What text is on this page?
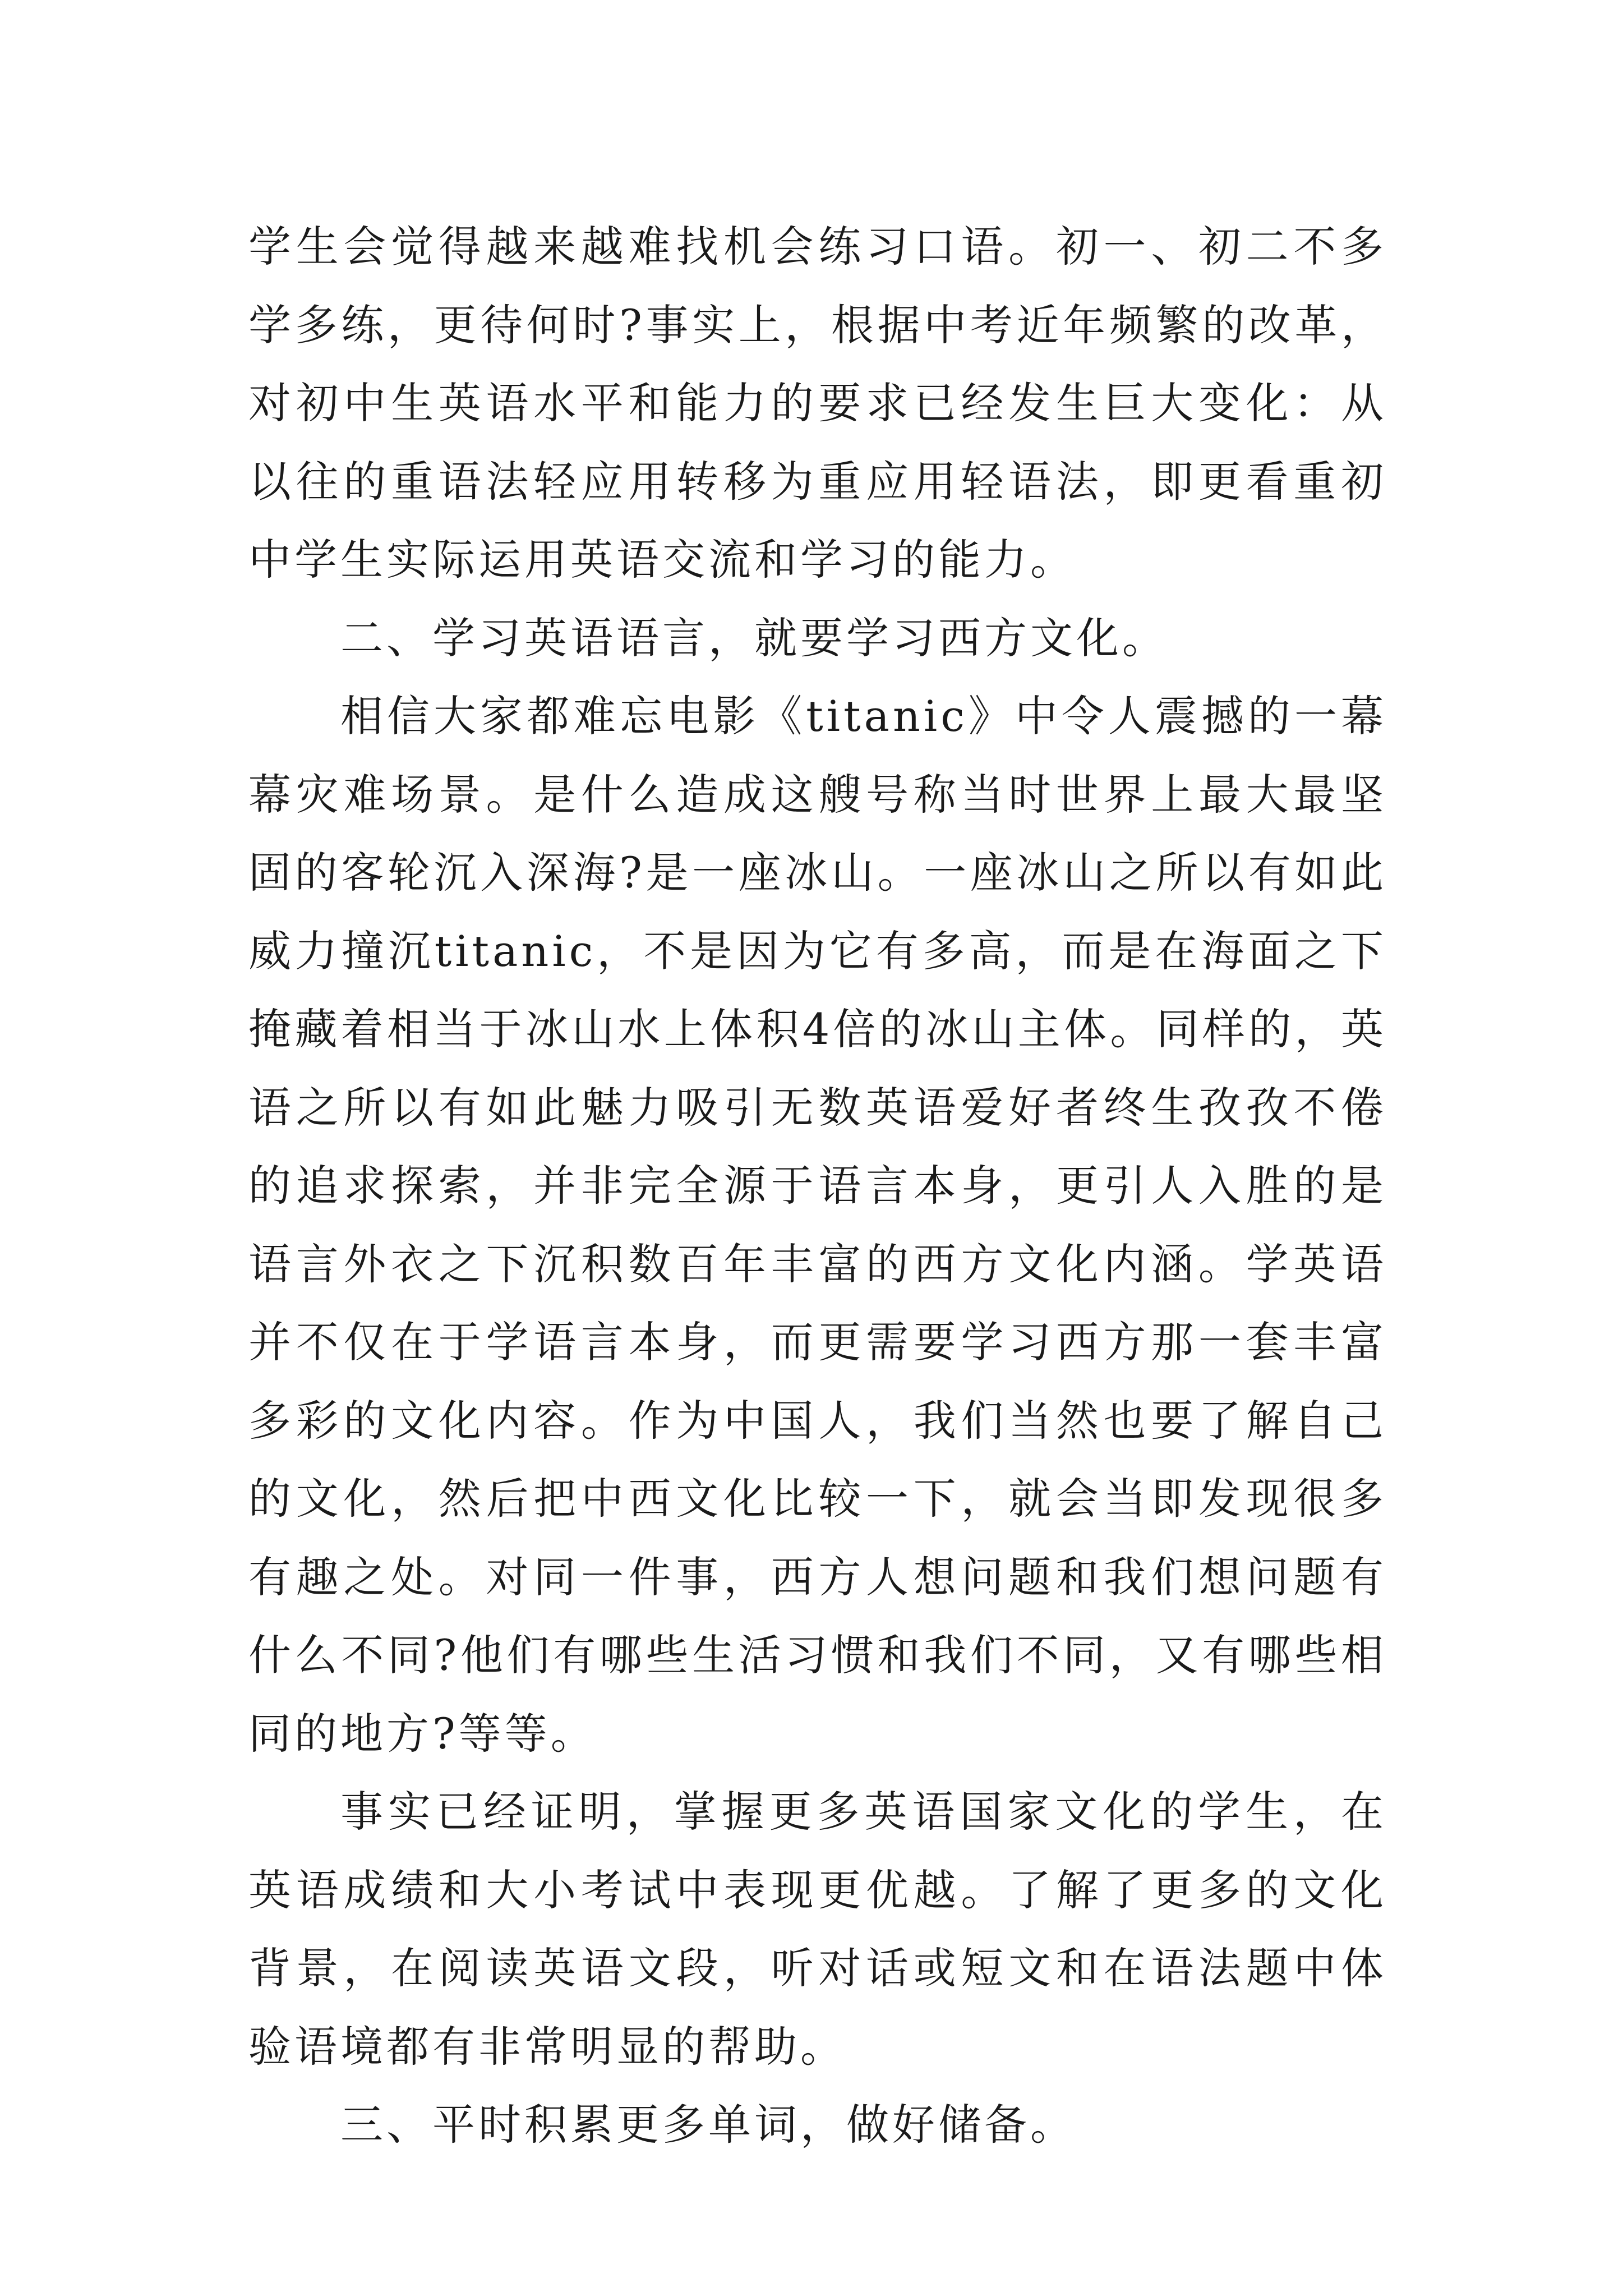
学生会觉得越来越难找机会练习口语。初一、初二不多学多练，更待何时?事实上，根据中考近年频繁的改革，对初中生英语水平和能力的要求已经发生巨大变化：从以往的重语法轻应用转移为重应用轻语法，即更看重初中学生实际运用英语交流和学习的能力。

二、学习英语语言，就要学习西方文化。

相信大家都难忘电影《titanic》中令人震撼的一幕幕灾难场景。是什么造成这艘号称当时世界上最大最坚固的客轮沉入深海?是一座冰山。一座冰山之所以有如此威力撞沉titanic，不是因为它有多高，而是在海面之下掩藏着相当于冰山水上体积4倍的冰山主体。同样的，英语之所以有如此魅力吸引无数英语爱好者终生孜孜不倦的追求探索，并非完全源于语言本身，更引人入胜的是语言外衣之下沉积数百年丰富的西方文化内涵。学英语并不仅在于学语言本身，而更需要学习西方那一套丰富多彩的文化内容。作为中国人，我们当然也要了解自己的文化，然后把中西文化比较一下，就会当即发现很多有趣之处。对同一件事，西方人想问题和我们想问题有什么不同?他们有哪些生活习惯和我们不同，又有哪些相同的地方?等等。

事实已经证明，掌握更多英语国家文化的学生，在英语成绩和大小考试中表现更优越。了解了更多的文化背景，在阅读英语文段，听对话或短文和在语法题中体验语境都有非常明显的帮助。

三、平时积累更多单词，做好储备。
